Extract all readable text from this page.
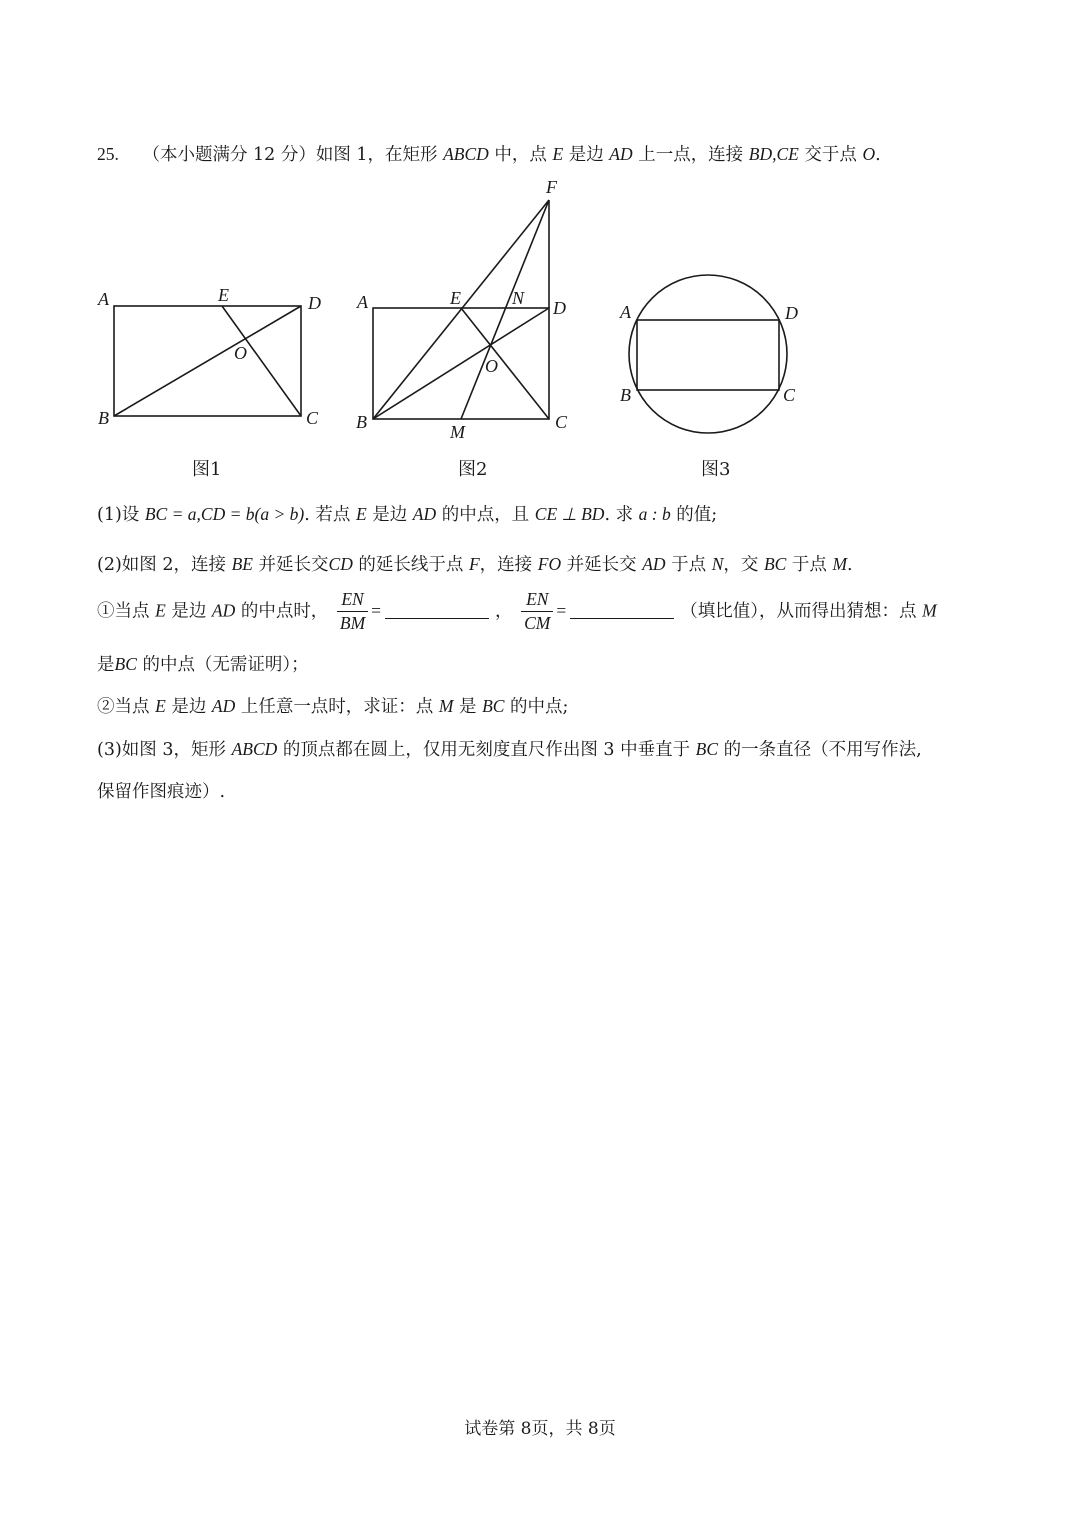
25. （本小题满分 12 分）如图 1，在矩形 ABCD 中，点 E 是边 AD 上一点，连接 BD,CE 交于点 O.
A
B	C
D
E
O
F
A	E	N D
O
B	M	C
A	D
B	C
图1	图2	图3
(1)设 BC = a,CD = b(a > b). 若点 E 是边 AD 的中点，且 CE ⊥ BD. 求 a : b 的值;
(2)如图 2，连接 BE 并延长交CD 的延长线于点 F，连接 FO 并延长交 AD 于点 N，交 BC 于点 M.
①当点 E 是边 AD 的中点时， $\frac{EN}{BM}$ =	， $\frac{EN}{CM}$ =	（填比值），从而得出猜想：点 M
是BC 的中点（无需证明）；
②当点 E 是边 AD 上任意一点时，求证：点 M 是 BC 的中点;
(3)如图 3，矩形 ABCD 的顶点都在圆上，仅用无刻度直尺作出图 3 中垂直于 BC 的一条直径（不用写作法,
保留作图痕迹）.
试卷第 8页，共 8页
